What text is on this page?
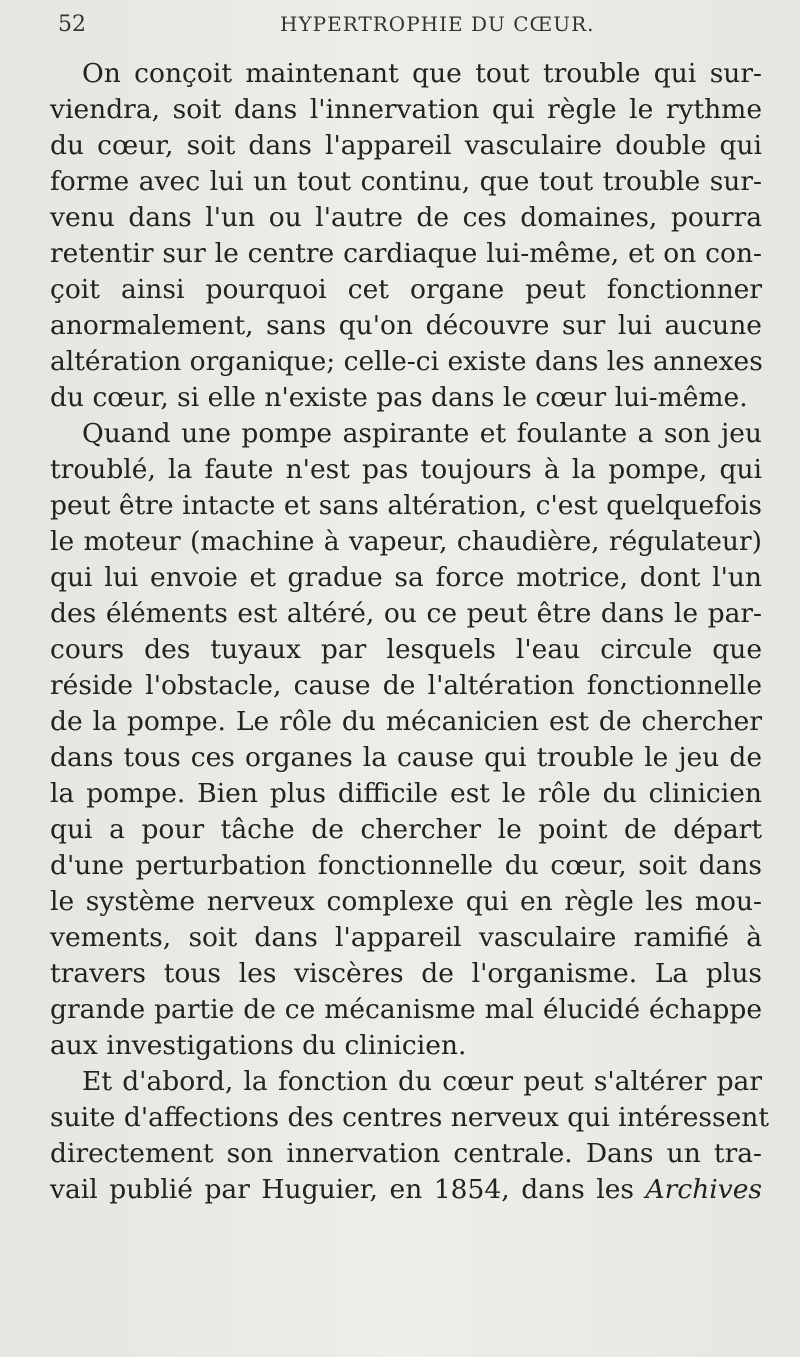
52	HYPERTROPHIE DU CŒUR.
On conçoit maintenant que tout trouble qui sur-
viendra, soit dans l'innervation qui règle le rythme
du cœur, soit dans l'appareil vasculaire double qui
forme avec lui un tout continu, que tout trouble sur-
venu dans l'un ou l'autre de ces domaines, pourra
retentir sur le centre cardiaque lui-même, et on con-
çoit ainsi pourquoi cet organe peut fonctionner
anormalement, sans qu'on découvre sur lui aucune
altération organique; celle-ci existe dans les annexes
du cœur, si elle n'existe pas dans le cœur lui-même.
Quand une pompe aspirante et foulante a son jeu
troublé, la faute n'est pas toujours à la pompe, qui
peut être intacte et sans altération, c'est quelquefois
le moteur (machine à vapeur, chaudière, régulateur)
qui lui envoie et gradue sa force motrice, dont l'un
des éléments est altéré, ou ce peut être dans le par-
cours des tuyaux par lesquels l'eau circule que
réside l'obstacle, cause de l'altération fonctionnelle
de la pompe. Le rôle du mécanicien est de chercher
dans tous ces organes la cause qui trouble le jeu de
la pompe. Bien plus difficile est le rôle du clinicien
qui a pour tâche de chercher le point de départ
d'une perturbation fonctionnelle du cœur, soit dans
le système nerveux complexe qui en règle les mou-
vements, soit dans l'appareil vasculaire ramifié à
travers tous les viscères de l'organisme. La plus
grande partie de ce mécanisme mal élucidé échappe
aux investigations du clinicien.
Et d'abord, la fonction du cœur peut s'altérer par
suite d'affections des centres nerveux qui intéressent
directement son innervation centrale. Dans un tra-
vail publié par Huguier, en 1854, dans les Archives
